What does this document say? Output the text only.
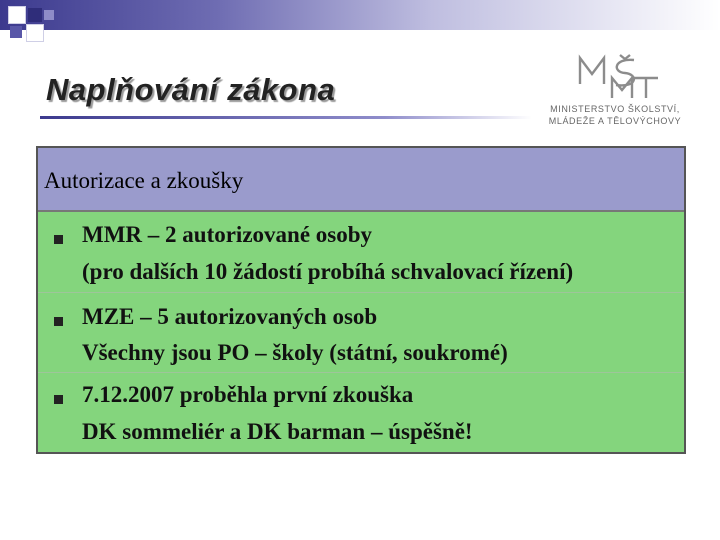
Naplňování zákona
MINISTERSTVO ŠKOLSTVÍ,
MLÁDEŽE A TĚLOVÝCHOVY
Autorizace a zkoušky
MMR – 2 autorizované osoby
(pro dalších 10 žádostí probíhá schvalovací řízení)
MZE – 5 autorizovaných osob
Všechny jsou PO – školy (státní, soukromé)
7.12.2007 proběhla první zkouška
DK sommeliér a DK barman – úspěšně!
